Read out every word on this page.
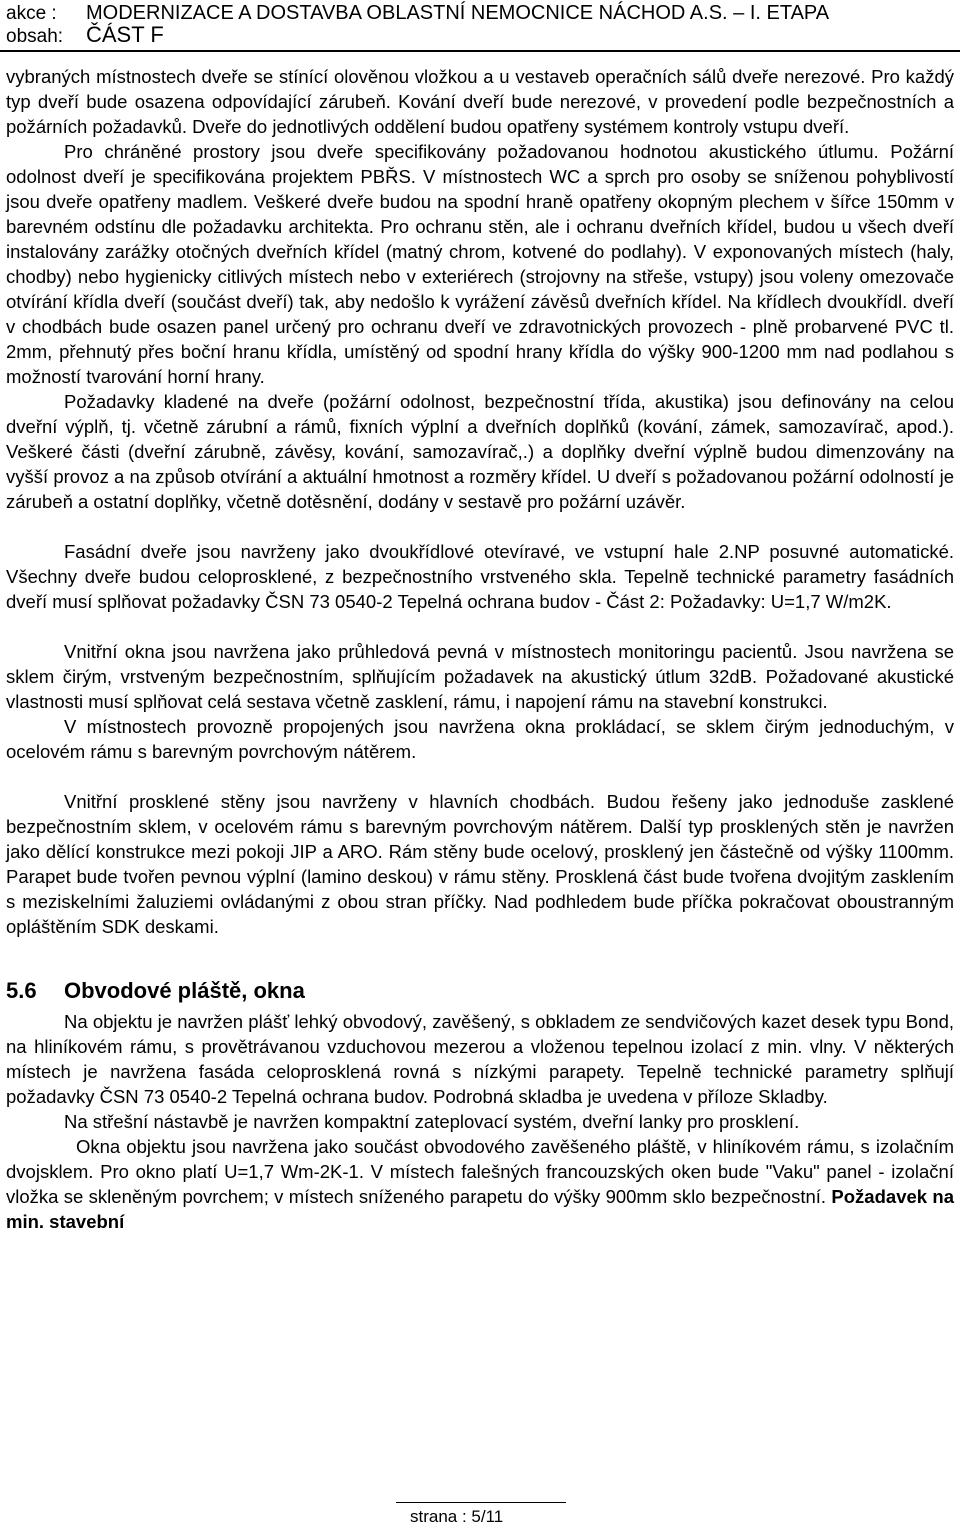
akce : MODERNIZACE A DOSTAVBA OBLASTNÍ NEMOCNICE NÁCHOD A.S. – I. ETAPA
obsah: ČÁST F

vybraných místnostech dveře se stínící olověnou vložkou a u vestaveb operačních sálů dveře nerezové. Pro každý typ dveří bude osazena odpovídající zárubeň. Kování dveří bude nerezové, v provedení podle bezpečnostních a požárních požadavků. Dveře do jednotlivých oddělení budou opatřeny systémem kontroly vstupu dveří.

Pro chráněné prostory jsou dveře specifikovány požadovanou hodnotou akustického útlumu. Požární odolnost dveří je specifikována projektem PBŘS. V místnostech WC a sprch pro osoby se sníženou pohyblivostí jsou dveře opatřeny madlem. Veškeré dveře budou na spodní hraně opatřeny okopným plechem v šířce 150mm v barevném odstínu dle požadavku architekta. Pro ochranu stěn, ale i ochranu dveřních křídel, budou u všech dveří instalovány zarážky otočných dveřních křídel (matný chrom, kotvené do podlahy). V exponovaných místech (haly, chodby) nebo hygienicky citlivých místech nebo v exteriérech (strojovny na střeše, vstupy) jsou voleny omezovače otvírání křídla dveří (součást dveří) tak, aby nedošlo k vyrážení závěsů dveřních křídel. Na křídlech dvoukřídl. dveří v chodbách bude osazen panel určený pro ochranu dveří ve zdravotnických provozech - plně probarvené PVC tl. 2mm, přehnutý přes boční hranu křídla, umístěný od spodní hrany křídla do výšky 900-1200 mm nad podlahou s možností tvarování horní hrany.

Požadavky kladené na dveře (požární odolnost, bezpečnostní třída, akustika) jsou definovány na celou dveřní výplň, tj. včetně zárubní a rámů, fixních výplní a dveřních doplňků (kování, zámek, samozavírač, apod.). Veškeré části (dveřní zárubně, závěsy, kování, samozavírač,.) a doplňky dveřní výplně budou dimenzovány na vyšší provoz a na způsob otvírání a aktuální hmotnost a rozměry křídel. U dveří s požadovanou požární odolností je zárubeň a ostatní doplňky, včetně dotěsnění, dodány v sestavě pro požární uzávěr.

Fasádní dveře jsou navrženy jako dvoukřídlové otevíravé, ve vstupní hale 2.NP posuvné automatické. Všechny dveře budou celoprosklené, z bezpečnostního vrstveného skla. Tepelně technické parametry fasádních dveří musí splňovat požadavky ČSN 73 0540-2 Tepelná ochrana budov - Část 2: Požadavky: U=1,7 W/m2K.

Vnitřní okna jsou navržena jako průhledová pevná v místnostech monitoringu pacientů. Jsou navržena se sklem čirým, vrstveným bezpečnostním, splňujícím požadavek na akustický útlum 32dB. Požadované akustické vlastnosti musí splňovat celá sestava včetně zasklení, rámu, i napojení rámu na stavební konstrukci.

V místnostech provozně propojených jsou navržena okna prokládací, se sklem čirým jednoduchým, v ocelovém rámu s barevným povrchovým nátěrem.

Vnitřní prosklené stěny jsou navrženy v hlavních chodbách. Budou řešeny jako jednoduše zasklené bezpečnostním sklem, v ocelovém rámu s barevným povrchovým nátěrem. Další typ prosklených stěn je navržen jako dělící konstrukce mezi pokoji JIP a ARO. Rám stěny bude ocelový, prosklený jen částečně od výšky 1100mm. Parapet bude tvořen pevnou výplní (lamino deskou) v rámu stěny. Prosklená část bude tvořena dvojitým zasklením s meziskelními žaluziemi ovládanými z obou stran příčky. Nad podhledem bude příčka pokračovat oboustranným opláštěním SDK deskami.

5.6 Obvodové pláště, okna

Na objektu je navržen plášť lehký obvodový, zavěšený, s obkladem ze sendvičových kazet desek typu Bond, na hliníkovém rámu, s provětrávanou vzduchovou mezerou a vloženou tepelnou izolací z min. vlny. V některých místech je navržena fasáda celoprosklená rovná s nízkými parapety. Tepelně technické parametry splňují požadavky ČSN 73 0540-2 Tepelná ochrana budov. Podrobná skladba je uvedena v příloze Skladby.

Na střešní nástavbě je navržen kompaktní zateplovací systém, dveřní lanky pro prosklení.

Okna objektu jsou navržena jako součást obvodového zavěšeného pláště, v hliníkovém rámu, s izolačním dvojsklem. Pro okno platí U=1,7 Wm-2K-1. V místech falešných francouzských oken bude "Vaku" panel - izolační vložka se skleněným povrchem; v místech sníženého parapetu do výšky 900mm sklo bezpečnostní. Požadavek na min. stavební

strana : 5/11
